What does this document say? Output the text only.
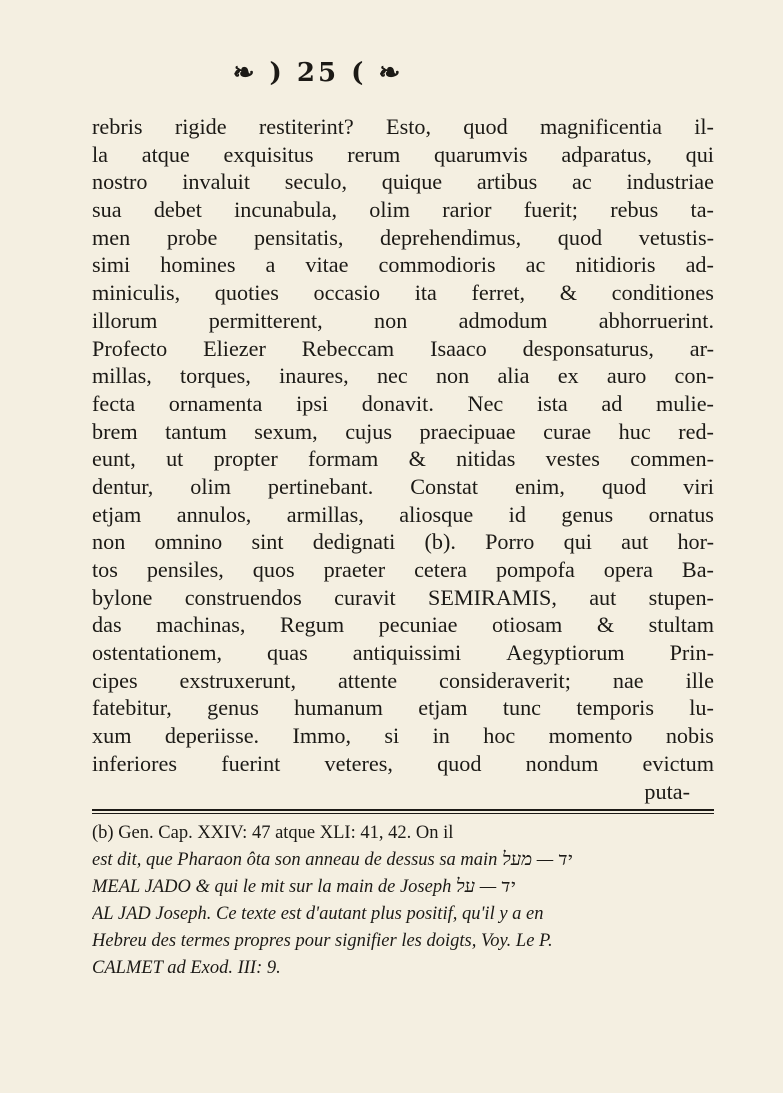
❧ ) 25 ( ❧
rebris rigide restiterint? Esto, quod magnificentia il-
la atque exquisitus rerum quarumvis adparatus, qui
nostro invaluit seculo, quique artibus ac industriae
sua debet incunabula, olim rarior fuerit; rebus ta-
men probe pensitatis, deprehendimus, quod vetustis-
simi homines a vitae commodioris ac nitidioris ad-
miniculis, quoties occasio ita ferret, & conditiones
illorum permitterent, non admodum abhorruerint.
Profecto Eliezer Rebeccam Isaaco desponsaturus, ar-
millas, torques, inaures, nec non alia ex auro con-
fecta ornamenta ipsi donavit. Nec ista ad mulie-
brem tantum sexum, cujus praecipuae curae huc red-
eunt, ut propter formam & nitidas vestes commen-
dentur, olim pertinebant. Constat enim, quod viri
etjam annulos, armillas, aliosque id genus ornatus
non omnino sint dedignati (b). Porro qui aut hor-
tos pensiles, quos praeter cetera pompofa opera Ba-
bylone construendos curavit SEMIRAMIS, aut stupen-
das machinas, Regum pecuniae otiosam & stultam
ostentationem, quas antiquissimi Aegyptiorum Prin-
cipes exstruxerunt, attente consideraverit; nae ille
fatebitur, genus humanum etjam tunc temporis lu-
xum deperiisse. Immo, si in hoc momento nobis
inferiores fuerint veteres, quod nondum evictum
puta-
(b) Gen. Cap. XXIV: 47 atque XLI: 41, 42. On il
est dit, que Pharaon ôta son anneau de dessus sa main יד — מעל
MEAL JADO & qui le mit sur la main de Joseph יד — על
AL JAD Joseph. Ce texte est d'autant plus positif, qu'il y a en
Hebreu des termes propres pour signifier les doigts, Voy. Le P.
CALMET ad Exod. III: 9.
